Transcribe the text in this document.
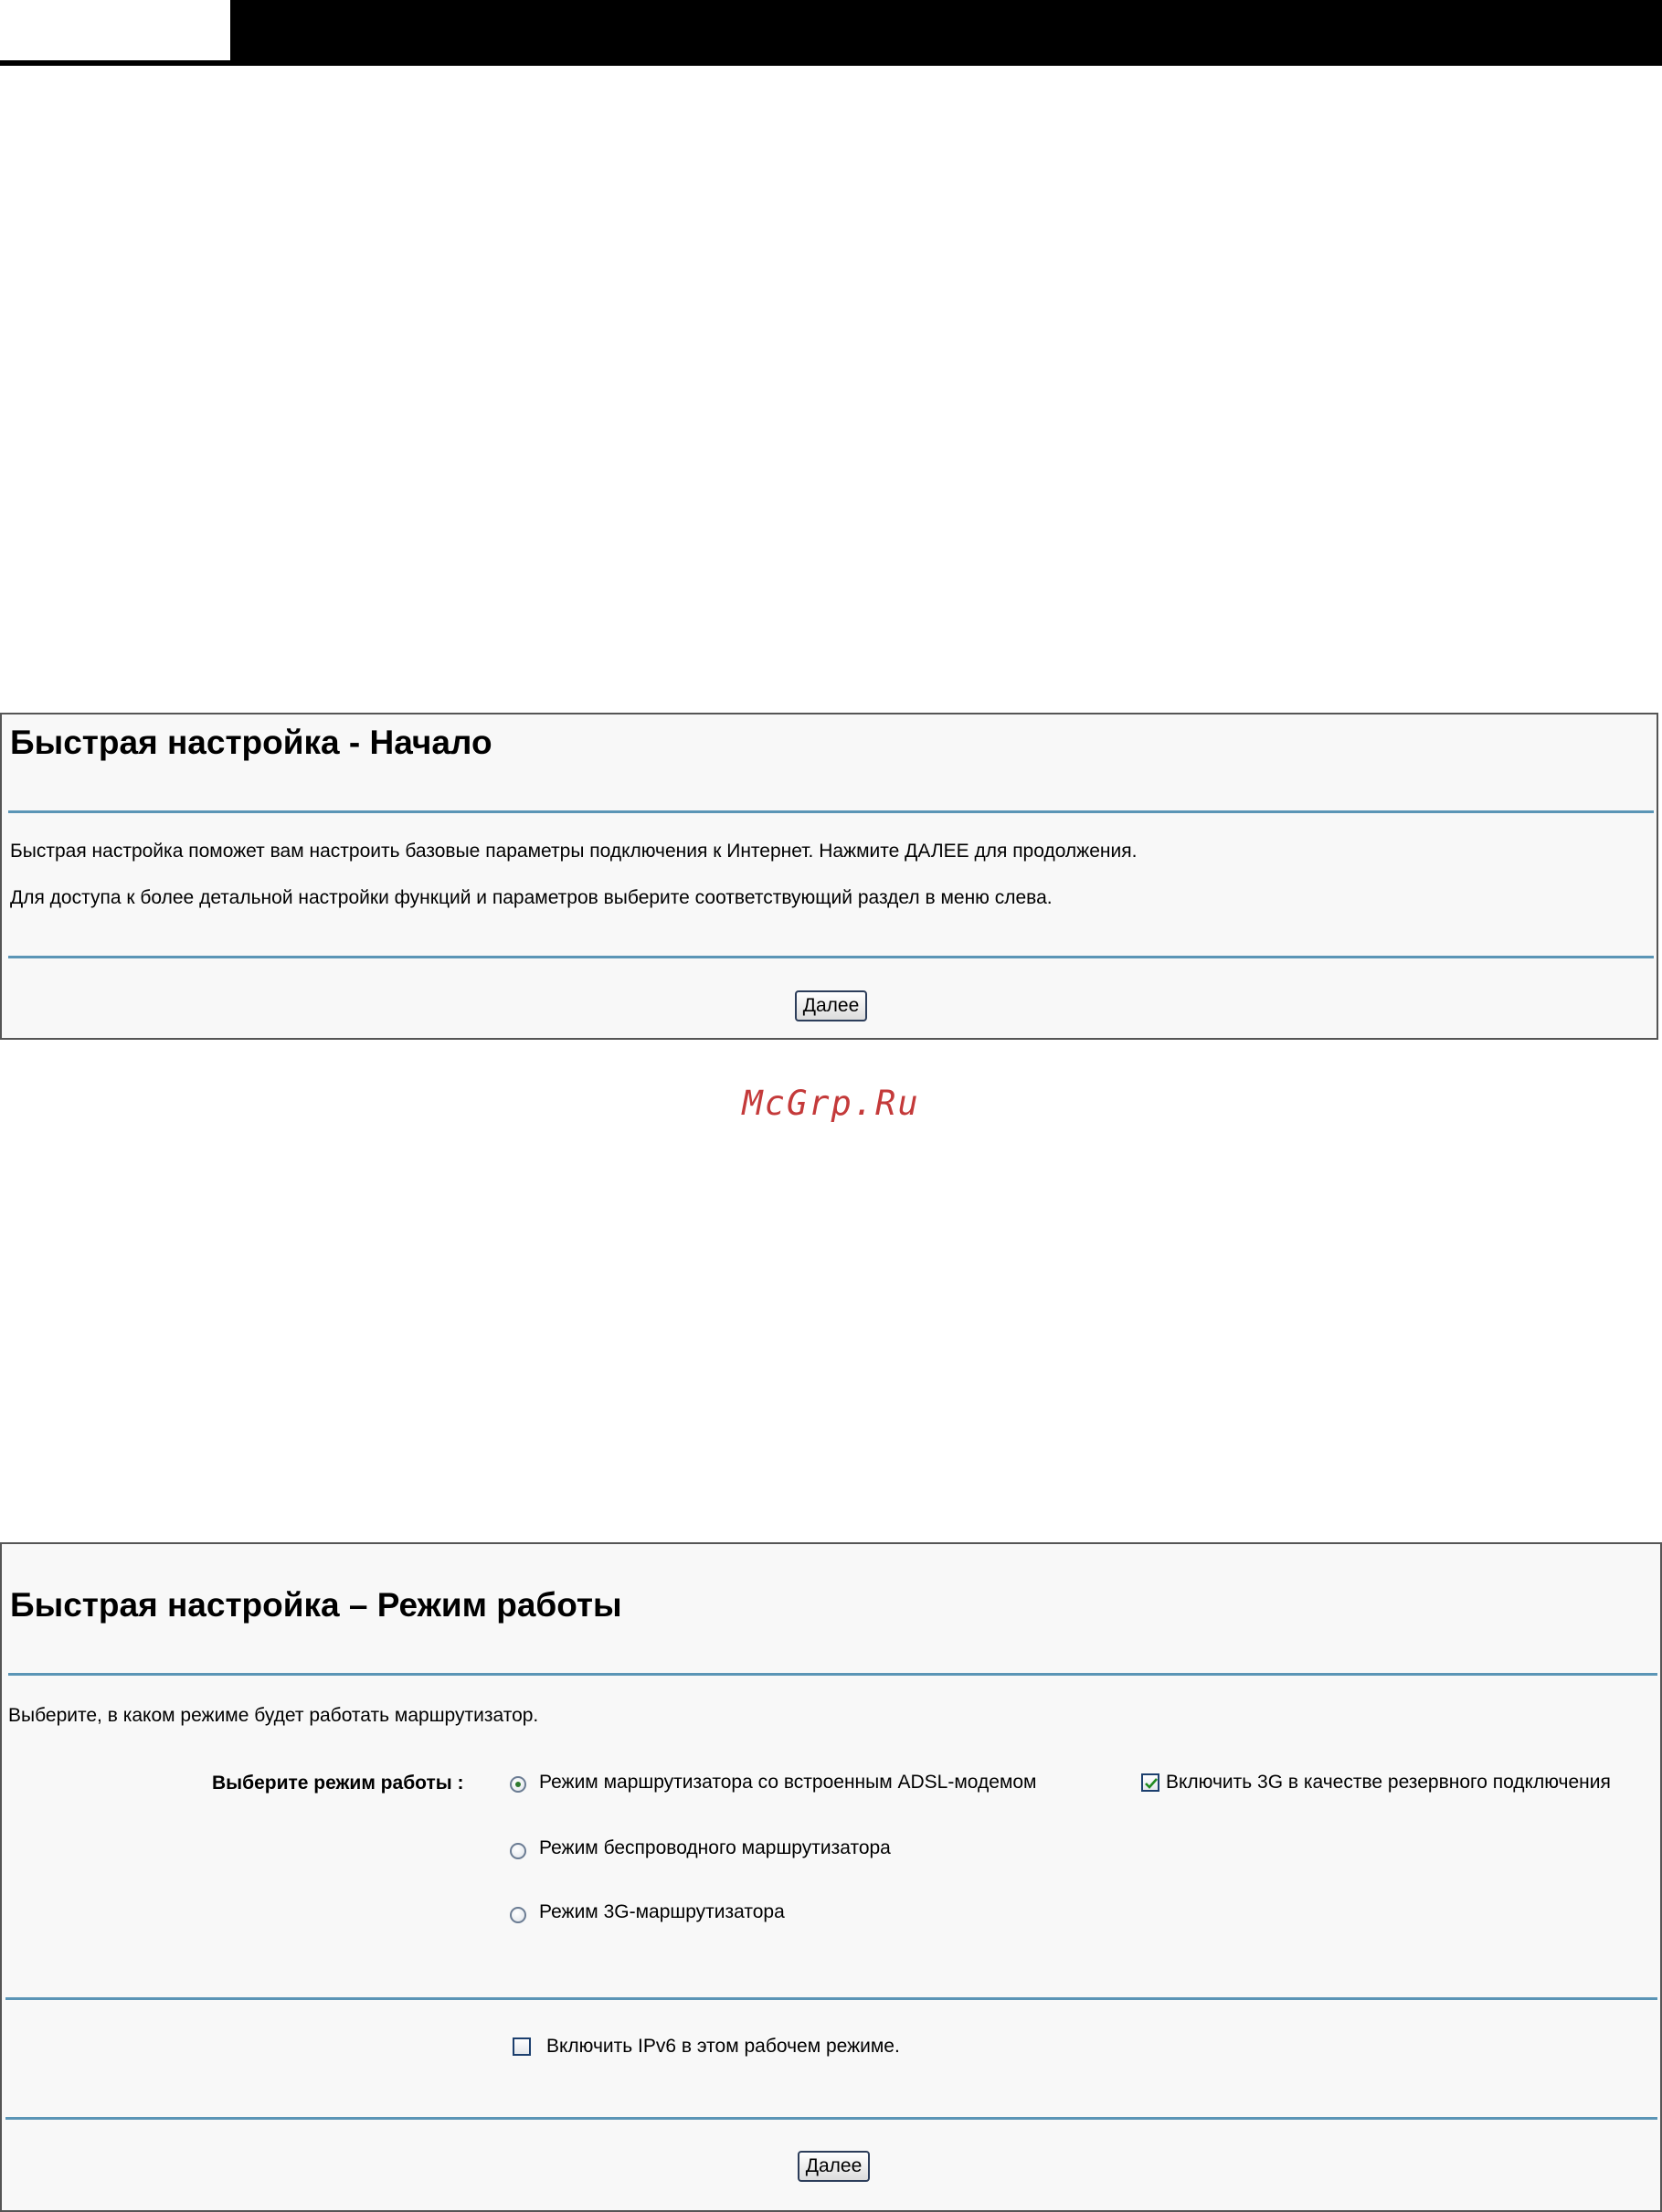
Быстрая настройка - Начало
Быстрая настройка поможет вам настроить базовые параметры подключения к Интернет. Нажмите ДАЛЕЕ для продолжения.
Для доступа к более детальной настройки функций и параметров выберите соответствующий раздел в меню слева.
Далее
McGrp.Ru
Быстрая настройка – Режим работы
Выберите, в каком режиме будет работать маршрутизатор.
Выберите режим работы :	Режим маршрутизатора со встроенным ADSL-модемом	Включить 3G в качестве резервного подключения
Режим беспроводного маршрутизатора
Режим 3G-маршрутизатора
Включить IPv6 в этом рабочем режиме.
Далее
